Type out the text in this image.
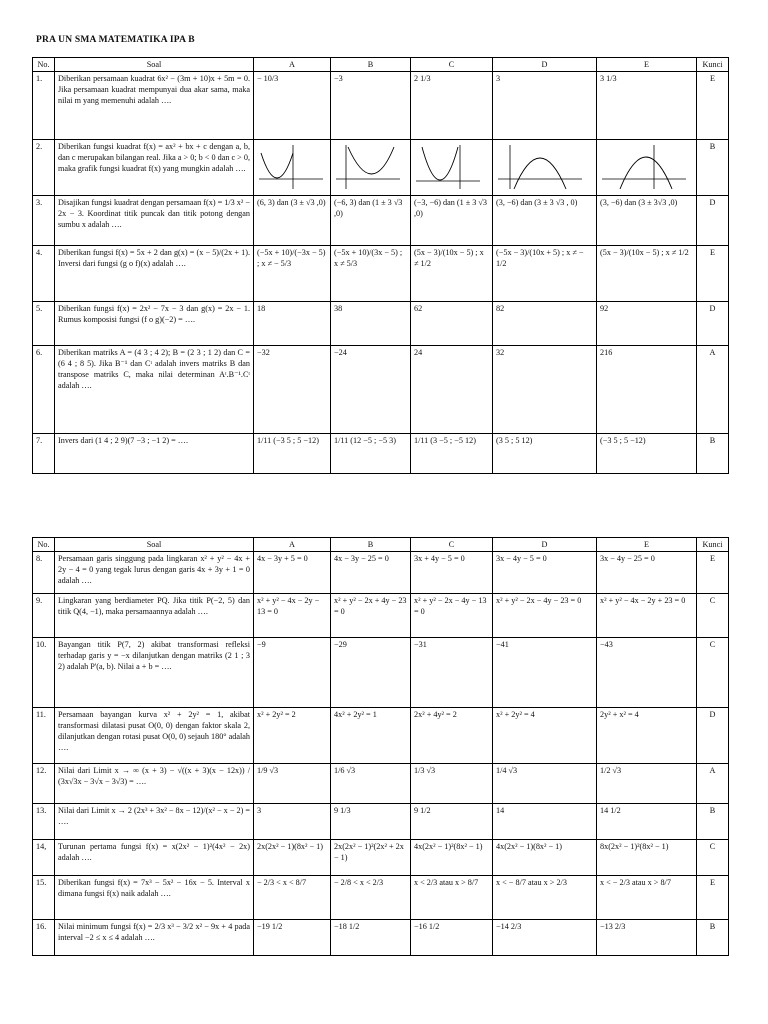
PRA UN SMA MATEMATIKA IPA B
No.	Soal	A	B	C	D	E	Kunci
1.	Diberikan persamaan kuadrat 6x² − (3m + 10)x + 5m = 0. Jika persamaan kuadrat mempunyai dua akar sama, maka nilai m yang memenuhi adalah ….	− 10/3	−3	2 1/3	3	3 1/3	E
2.	Diberikan fungsi kuadrat f(x) = ax² + bx + c dengan a, b, dan c merupakan bilangan real. Jika a > 0; b < 0 dan c > 0, maka grafik fungsi kuadrat f(x) yang mungkin adalah ….						B
3.	Disajikan fungsi kuadrat dengan persamaan f(x) = 1/3 x² − 2x − 3. Koordinat titik puncak dan titik potong dengan sumbu x adalah ….	(6, 3) dan (3 ± √3 ,0)	(−6, 3) dan (1 ± 3 √3 ,0)	(−3, −6) dan (1 ± 3 √3 ,0)	(3, −6) dan (3 ± 3 √3 , 0)	(3, −6) dan (3 ± 3√3 ,0)	D
4.	Diberikan fungsi f(x) = 5x + 2 dan g(x) = (x − 5)/(2x + 1). Inversi dari fungsi (g o f)(x) adalah ….	(−5x + 10)/(−3x − 5) ; x ≠ − 5/3	(−5x + 10)/(3x − 5) ; x ≠ 5/3	(5x − 3)/(10x − 5) ; x ≠ 1/2	(−5x − 3)/(10x + 5) ; x ≠ − 1/2	(5x − 3)/(10x − 5) ; x ≠ 1/2	E
5.	Diberikan fungsi f(x) = 2x² − 7x − 3 dan g(x) = 2x − 1. Rumus komposisi fungsi (f o g)(−2) = ….	18	38	62	82	92	D
6.	Diberikan matriks A = (4 3 ; 4 2); B = (2 3 ; 1 2) dan C = (6 4 ; 8 5). Jika B⁻¹ dan Cᵗ adalah invers matriks B dan transpose matriks C, maka nilai determinan Aᵗ.B⁻¹.Cᵗ adalah ….	−32	−24	24	32	216	A
7.	Invers dari (1 4 ; 2 9)(7 −3 ; −1 2) = ….	1/11 (−3 5 ; 5 −12)	1/11 (12 −5 ; −5 3)	1/11 (3 −5 ; −5 12)	(3 5 ; 5 12)	(−3 5 ; 5 −12)	B
No.	Soal	A	B	C	D	E	Kunci
8.	Persamaan garis singgung pada lingkaran x² + y² − 4x + 2y − 4 = 0 yang tegak lurus dengan garis 4x + 3y + 1 = 0 adalah ….	4x − 3y + 5 = 0	4x − 3y − 25 = 0	3x + 4y − 5 = 0	3x − 4y − 5 = 0	3x − 4y − 25 = 0	E
9.	Lingkaran yang berdiameter PQ. Jika titik P(−2, 5) dan titik Q(4, −1), maka persamaannya adalah ….	x² + y² − 4x − 2y − 13 = 0	x² + y² − 2x + 4y − 23 = 0	x² + y² − 2x − 4y − 13 = 0	x² + y² − 2x − 4y − 23 = 0	x² + y² − 4x − 2y + 23 = 0	C
10.	Bayangan titik P(7, 2) akibat transformasi refleksi terhadap garis y = −x dilanjutkan dengan matriks (2 1 ; 3 2) adalah P'(a, b). Nilai a + b = ….	−9	−29	−31	−41	−43	C
11.	Persamaan bayangan kurva x² + 2y² = 1, akibat transformasi dilatasi pusat O(0, 0) dengan faktor skala 2, dilanjutkan dengan rotasi pusat O(0, 0) sejauh 180° adalah ….	x² + 2y² = 2	4x² + 2y² = 1	2x² + 4y² = 2	x² + 2y² = 4	2y² + x² = 4	D
12.	Nilai dari Limit x → ∞ (x + 3) − √((x + 3)(x − 12x)) / (3x√3x − 3√x − 3√3) = ….	1/9 √3	1/6 √3	1/3 √3	1/4 √3	1/2 √3	A
13.	Nilai dari Limit x → 2 (2x³ + 3x² − 8x − 12)/(x² − x − 2) = ….	3	9 1/3	9 1/2	14	14 1/2	B
14,	Turunan pertama fungsi f(x) = x(2x² − 1)²(4x² − 2x) adalah ….	2x(2x² − 1)(8x² − 1)	2x(2x² − 1)²(2x² + 2x − 1)	4x(2x² − 1)²(8x² − 1)	4x(2x² − 1)(8x² − 1)	8x(2x² − 1)²(8x² − 1)	C
15.	Diberikan fungsi f(x) = 7x³ − 5x² − 16x − 5. Interval x dimana fungsi f(x) naik adalah ….	− 2/3 < x < 8/7	− 2/8 < x < 2/3	x < 2/3 atau x > 8/7	x < − 8/7 atau x > 2/3	x < − 2/3 atau x > 8/7	E
16.	Nilai minimum fungsi f(x) = 2/3 x³ − 3/2 x² − 9x + 4 pada interval −2 ≤ x ≤ 4 adalah ….	−19 1/2	−18 1/2	−16 1/2	−14 2/3	−13 2/3	B
